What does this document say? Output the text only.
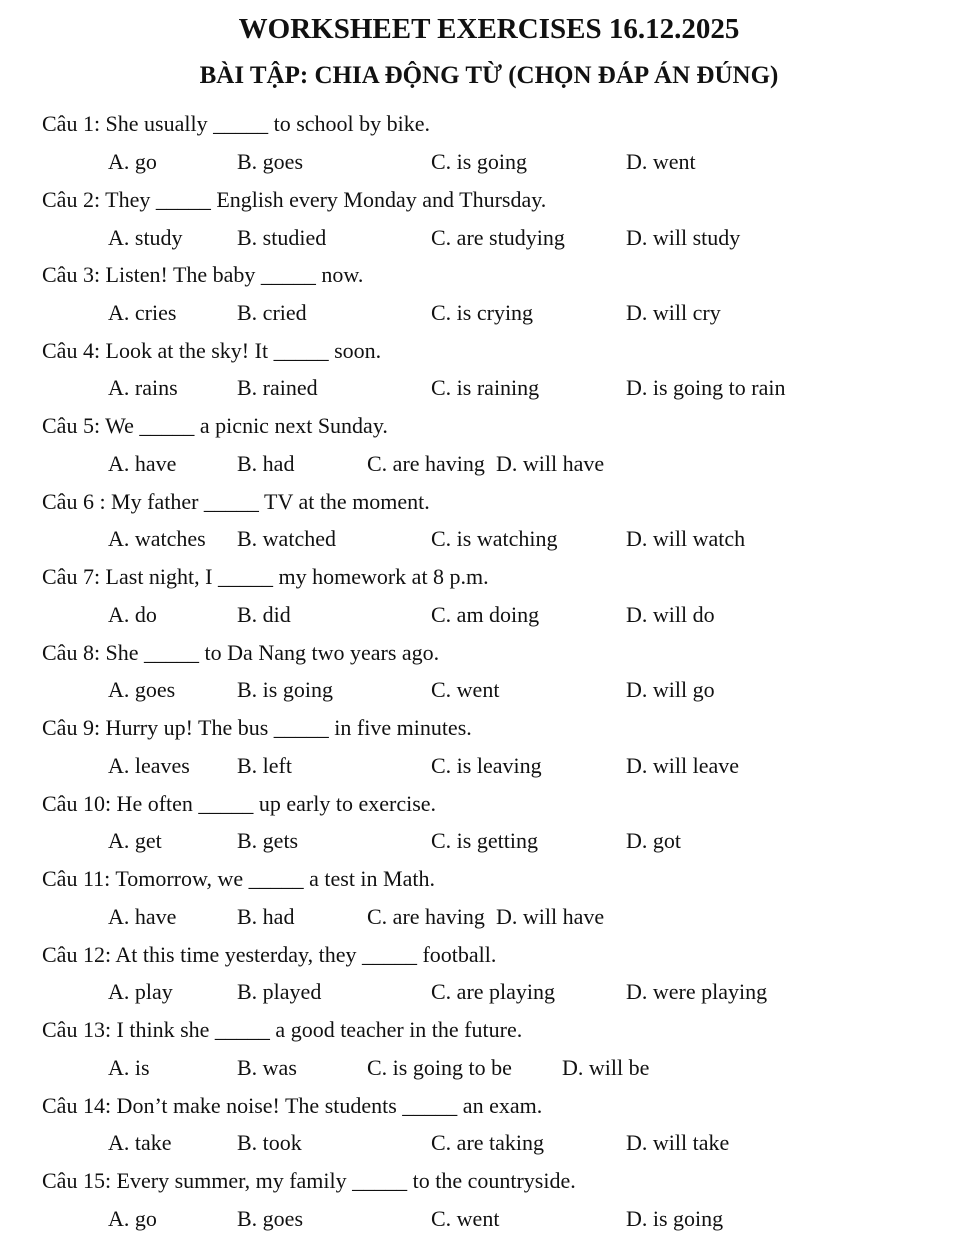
WORKSHEET EXERCISES 16.12.2025
BÀI TẬP: CHIA ĐỘNG TỪ (CHỌN ĐÁP ÁN ĐÚNG)
Câu 1: She usually _____ to school by bike.
A. go	B. goes	C. is going	D. went
Câu 2: They _____ English every Monday and Thursday.
A. study B. studied	C. are studying	D. will study
Câu 3: Listen! The baby _____ now.
A. cries	B. cried	C. is crying	D. will cry
Câu 4: Look at the sky! It _____ soon.
A. rains	B. rained	C. is raining	D. is going to rain
Câu 5: We _____ a picnic next Sunday.
A. have	B. had	C. are having D. will have
Câu 6 : My father _____ TV at the moment.
A. watches B. watched	C. is watching	D. will watch
Câu 7: Last night, I _____ my homework at 8 p.m.
A. do	B. did	C. am doing	D. will do
Câu 8: She _____ to Da Nang two years ago.
A. goes	B. is going	C. went	D. will go
Câu 9: Hurry up! The bus _____ in five minutes.
A. leaves B. left	C. is leaving	D. will leave
Câu 10: He often _____ up early to exercise.
A. get	B. gets	C. is getting	D. got
Câu 11: Tomorrow, we _____ a test in Math.
A. have	B. had	C. are having D. will have
Câu 12: At this time yesterday, they _____ football.
A. play	B. played	C. are playing	D. were playing
Câu 13: I think she _____ a good teacher in the future.
A. is	B. was	C. is going to be D. will be
Câu 14: Don’t make noise! The students _____ an exam.
A. take	B. took	C. are taking	D. will take
Câu 15: Every summer, my family _____ to the countryside.
A. go	B. goes	C. went	D. is going
